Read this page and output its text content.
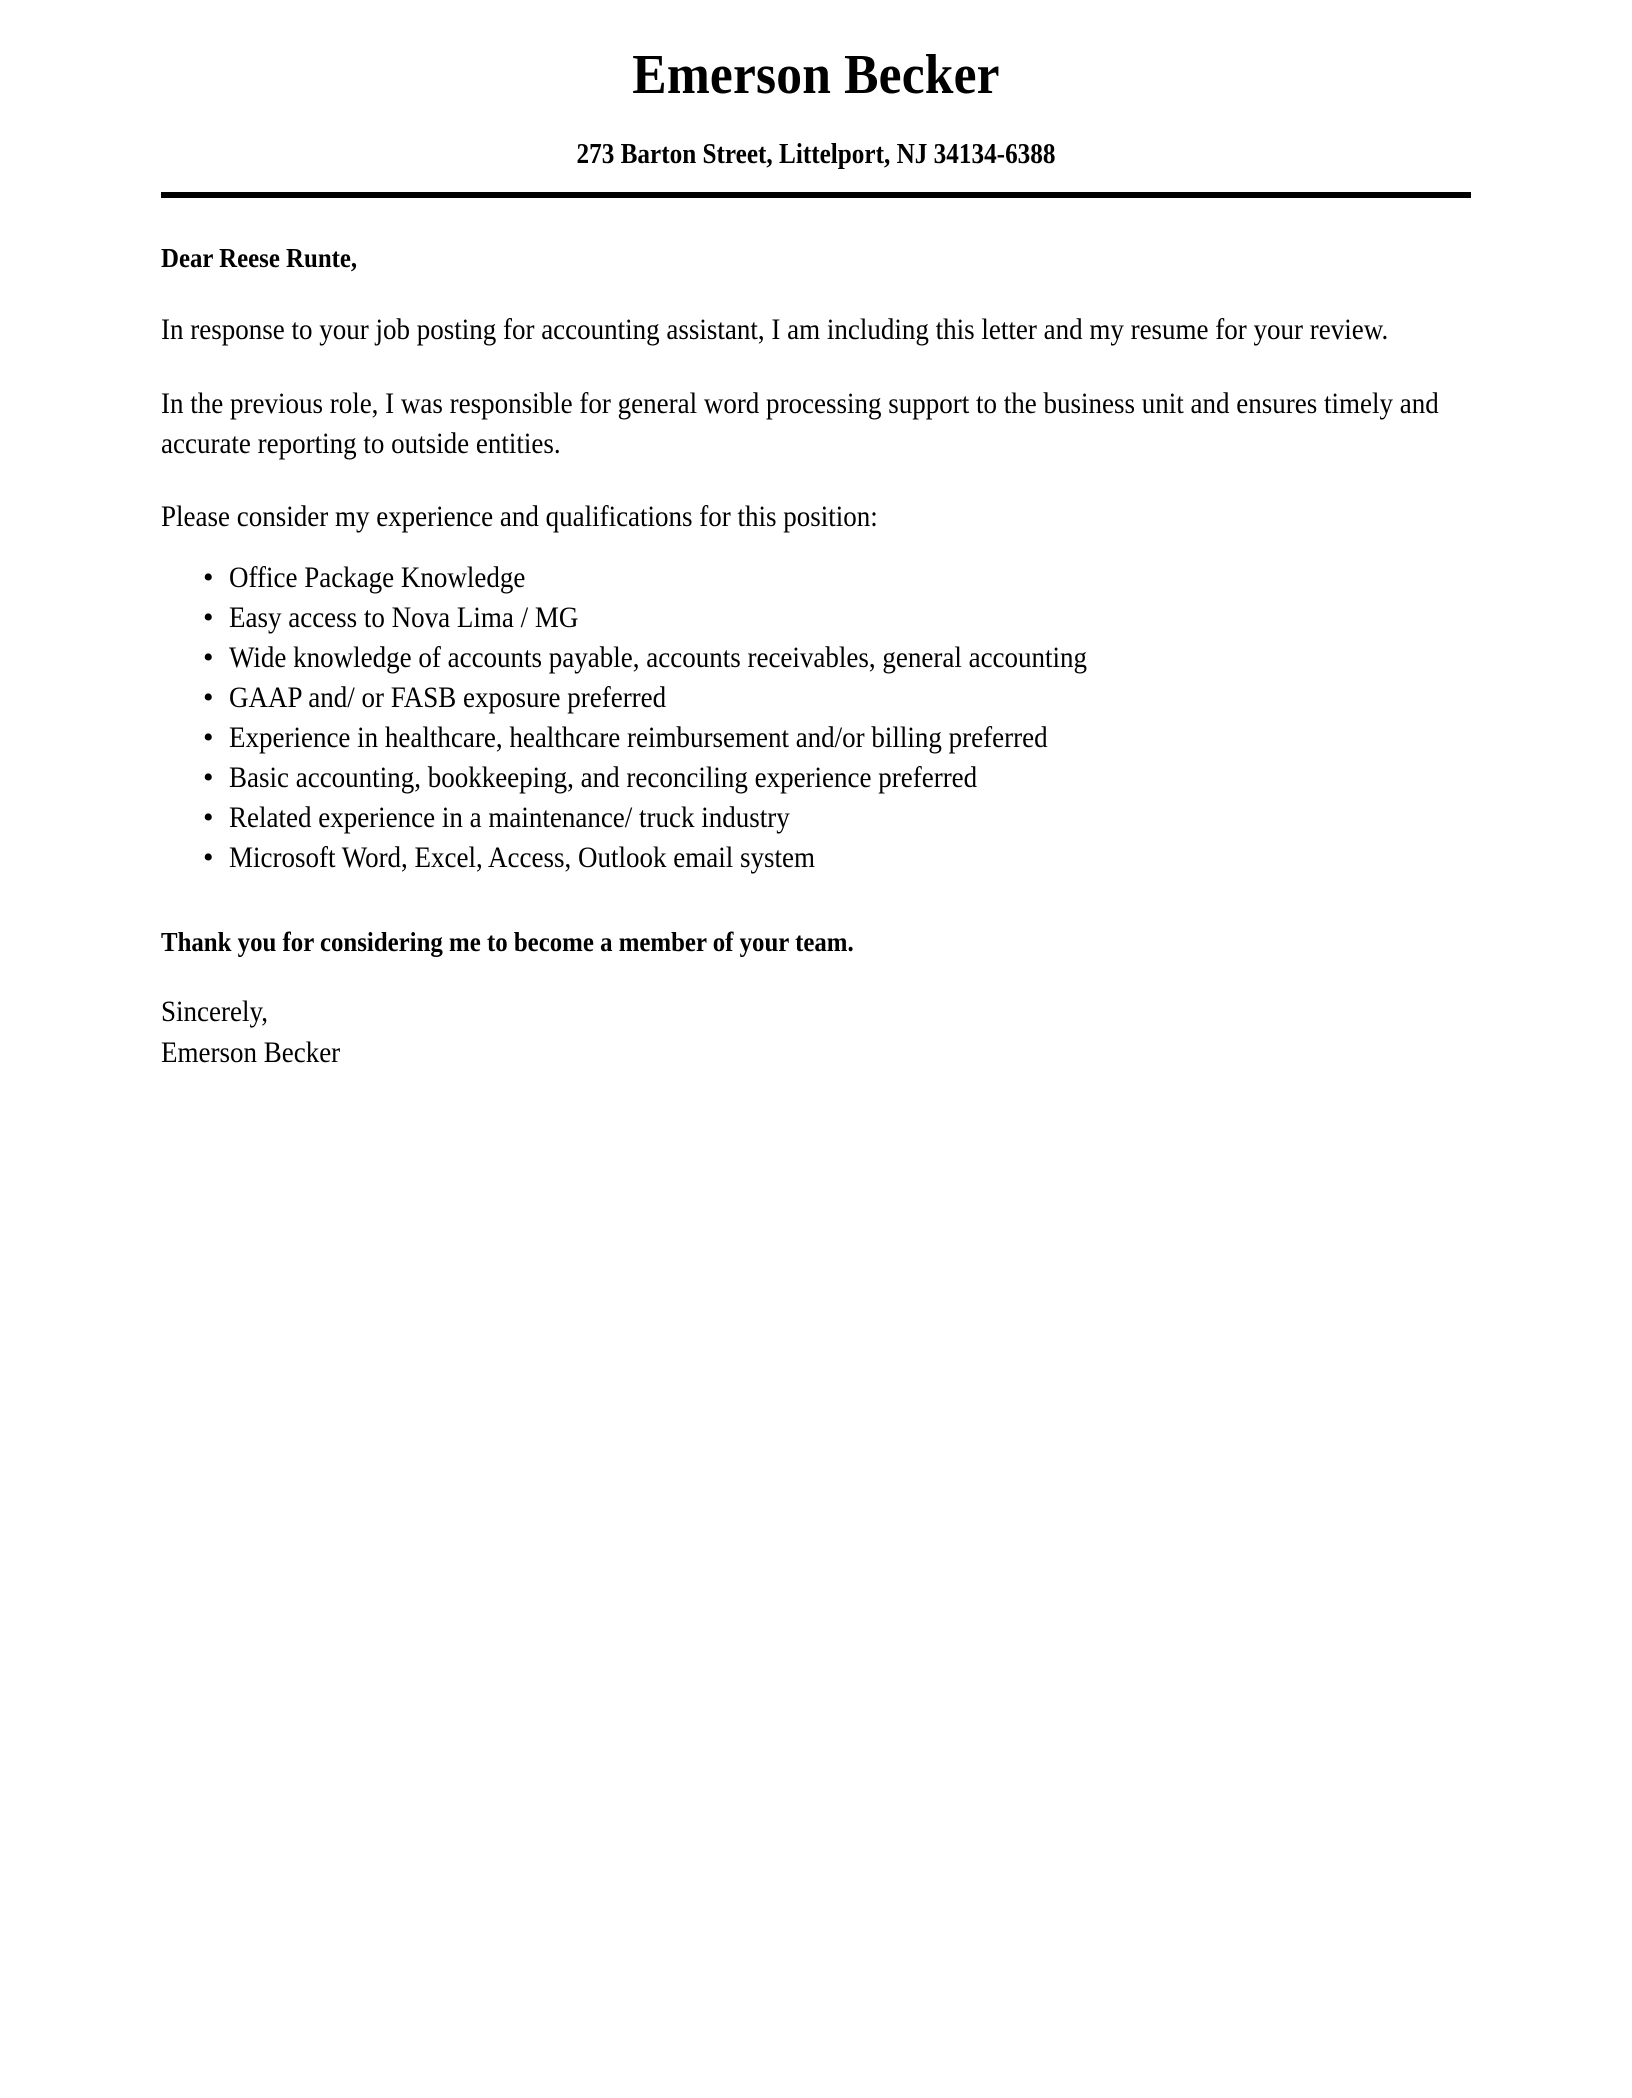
Emerson Becker
273 Barton Street, Littelport, NJ 34134-6388
Dear Reese Runte,

In response to your job posting for accounting assistant, I am including this letter and my resume for your review.

In the previous role, I was responsible for general word processing support to the business unit and ensures timely and accurate reporting to outside entities.

Please consider my experience and qualifications for this position:

• Office Package Knowledge
• Easy access to Nova Lima / MG
• Wide knowledge of accounts payable, accounts receivables, general accounting
• GAAP and/ or FASB exposure preferred
• Experience in healthcare, healthcare reimbursement and/or billing preferred
• Basic accounting, bookkeeping, and reconciling experience preferred
• Related experience in a maintenance/ truck industry
• Microsoft Word, Excel, Access, Outlook email system
Thank you for considering me to become a member of your team.
Sincerely,
Emerson Becker
